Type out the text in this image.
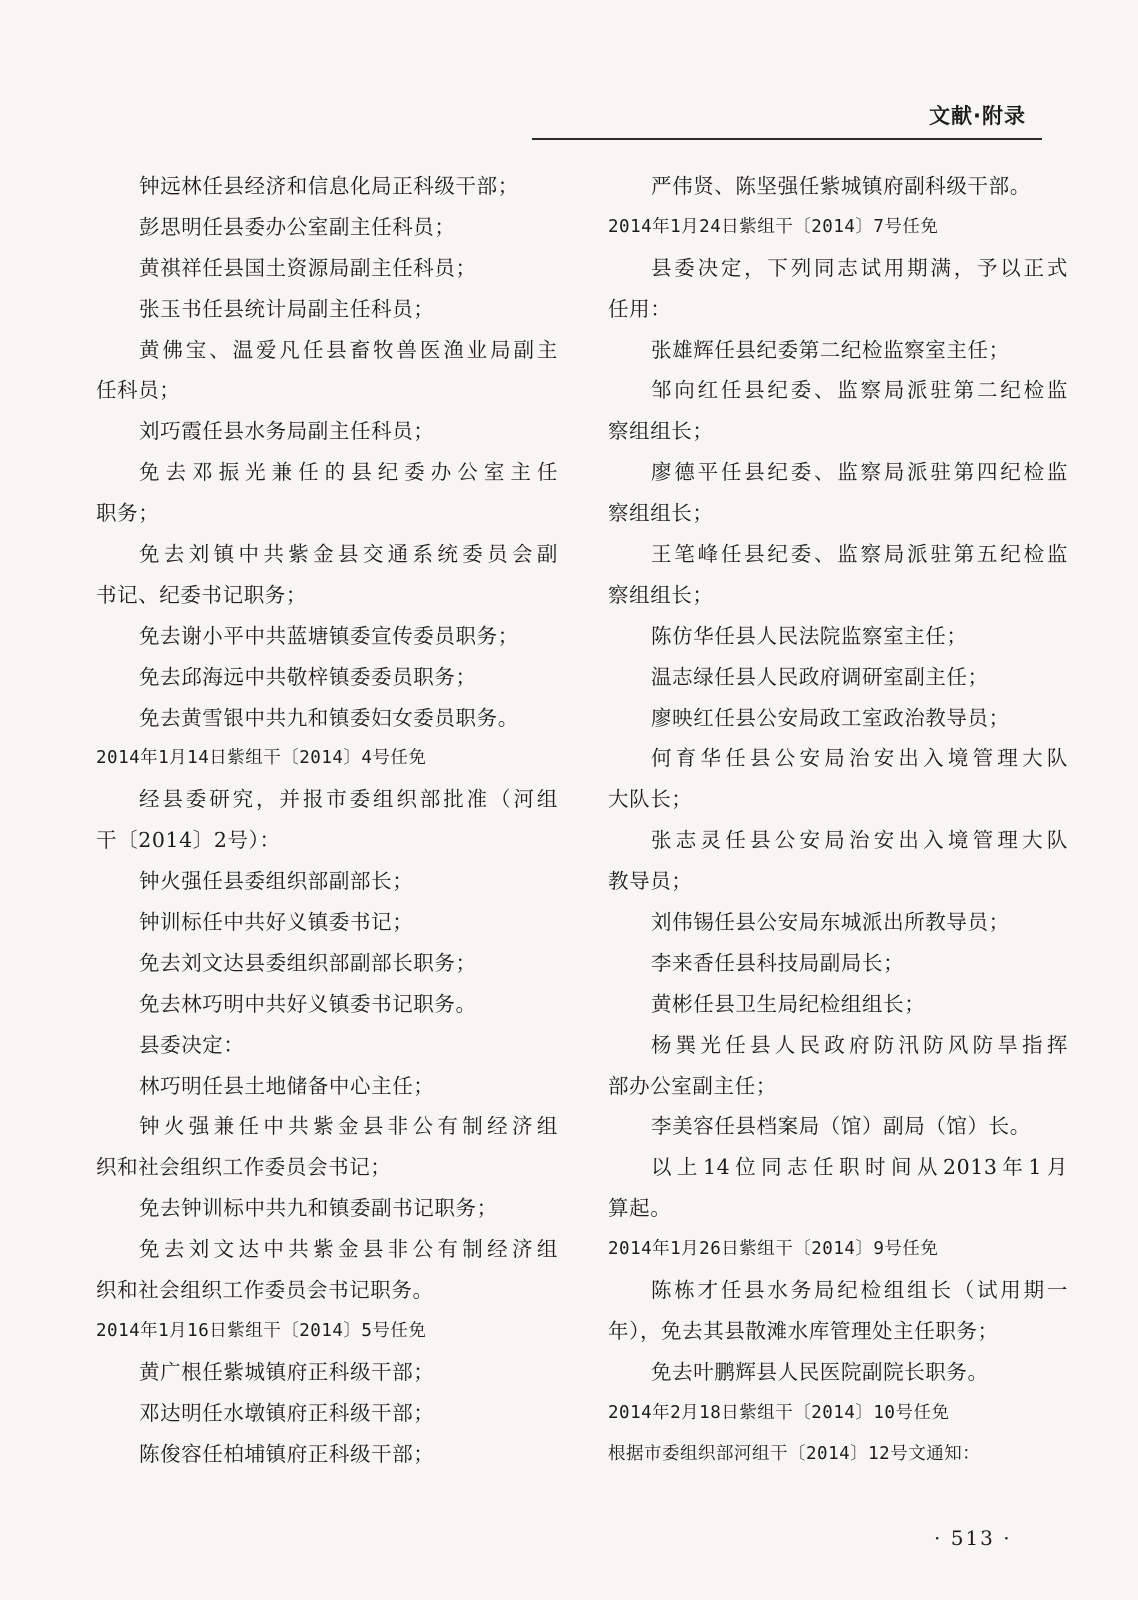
文献·附录
钟远林任县经济和信息化局正科级干部；
彭思明任县委办公室副主任科员；
黄祺祥任县国土资源局副主任科员；
张玉书任县统计局副主任科员；
黄佛宝、温爱凡任县畜牧兽医渔业局副主
任科员；
刘巧霞任县水务局副主任科员；
免去邓振光兼任的县纪委办公室主任
职务；
免去刘镇中共紫金县交通系统委员会副
书记、纪委书记职务；
免去谢小平中共蓝塘镇委宣传委员职务；
免去邱海远中共敬梓镇委委员职务；
免去黄雪银中共九和镇委妇女委员职务。
2014年1月14日紫组干〔2014〕4号任免
经县委研究，并报市委组织部批准（河组
干〔2014〕2号）：
钟火强任县委组织部副部长；
钟训标任中共好义镇委书记；
免去刘文达县委组织部副部长职务；
免去林巧明中共好义镇委书记职务。
县委决定：
林巧明任县土地储备中心主任；
钟火强兼任中共紫金县非公有制经济组
织和社会组织工作委员会书记；
免去钟训标中共九和镇委副书记职务；
免去刘文达中共紫金县非公有制经济组
织和社会组织工作委员会书记职务。
2014年1月16日紫组干〔2014〕5号任免
黄广根任紫城镇府正科级干部；
邓达明任水墩镇府正科级干部；
陈俊容任柏埔镇府正科级干部；
严伟贤、陈坚强任紫城镇府副科级干部。
2014年1月24日紫组干〔2014〕7号任免
县委决定，下列同志试用期满，予以正式
任用：
张雄辉任县纪委第二纪检监察室主任；
邹向红任县纪委、监察局派驻第二纪检监
察组组长；
廖德平任县纪委、监察局派驻第四纪检监
察组组长；
王笔峰任县纪委、监察局派驻第五纪检监
察组组长；
陈仿华任县人民法院监察室主任；
温志绿任县人民政府调研室副主任；
廖映红任县公安局政工室政治教导员；
何育华任县公安局治安出入境管理大队
大队长；
张志灵任县公安局治安出入境管理大队
教导员；
刘伟锡任县公安局东城派出所教导员；
李来香任县科技局副局长；
黄彬任县卫生局纪检组组长；
杨巽光任县人民政府防汛防风防旱指挥
部办公室副主任；
李美容任县档案局（馆）副局（馆）长。
以上14位同志任职时间从2013年1月
算起。
2014年1月26日紫组干〔2014〕9号任免
陈栋才任县水务局纪检组组长（试用期一
年），免去其县散滩水库管理处主任职务；
免去叶鹏辉县人民医院副院长职务。
2014年2月18日紫组干〔2014〕10号任免
根据市委组织部河组干〔2014〕12号文通知：
· 513 ·
